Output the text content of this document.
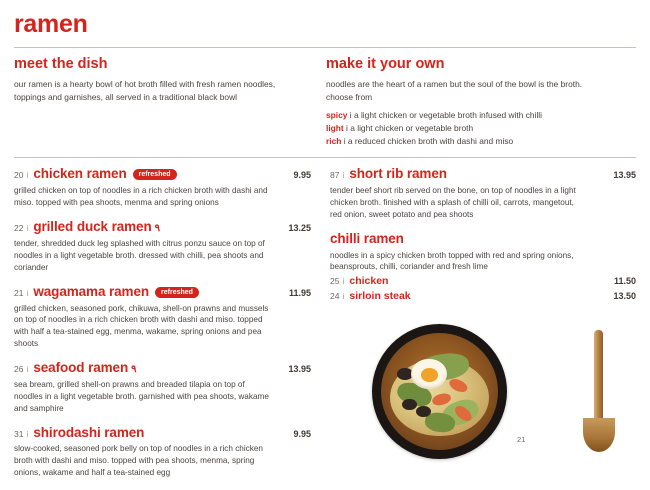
ramen
meet the dish
our ramen is a hearty bowl of hot broth filled with fresh ramen noodles, toppings and garnishes, all served in a traditional black bowl
make it your own
noodles are the heart of a ramen but the soul of the bowl is the broth. choose from
spicy i a light chicken or vegetable broth infused with chilli
light i a light chicken or vegetable broth
rich i a reduced chicken broth with dashi and miso
20 i chicken ramen	refreshed	9.95
grilled chicken on top of noodles in a rich chicken broth with dashi and miso. topped with pea shoots, menma and spring onions
22 i grilled duck ramen ٩	13.25
tender, shredded duck leg splashed with citrus ponzu sauce on top of noodles in a light vegetable broth. dressed with chilli, pea shoots and coriander
21 i wagamama ramen	refreshed	11.95
grilled chicken, seasoned pork, chikuwa, shell-on prawns and mussels on top of noodles in a rich chicken broth with dashi and miso. topped with half a tea-stained egg, menma, wakame, spring onions and pea shoots
26 i seafood ramen ٩	13.95
sea bream, grilled shell-on prawns and breaded tilapia on top of noodles in a light vegetable broth. garnished with pea shoots, wakame and samphire
31 i shirodashi ramen	9.95
slow-cooked, seasoned pork belly on top of noodles in a rich chicken broth with dashi and miso. topped with pea shoots, menma, spring onions, wakame and half a tea-stained egg
87 i short rib ramen	13.95
tender beef short rib served on the bone, on top of noodles in a light chicken broth. finished with a splash of chilli oil, carrots, mangetout, red onion, sweet potato and pea shoots
chilli ramen
noodles in a spicy chicken broth topped with red and spring onions, beansprouts, chilli, coriander and fresh lime
25 i chicken	11.50
24 i sirloin steak	13.50
21
